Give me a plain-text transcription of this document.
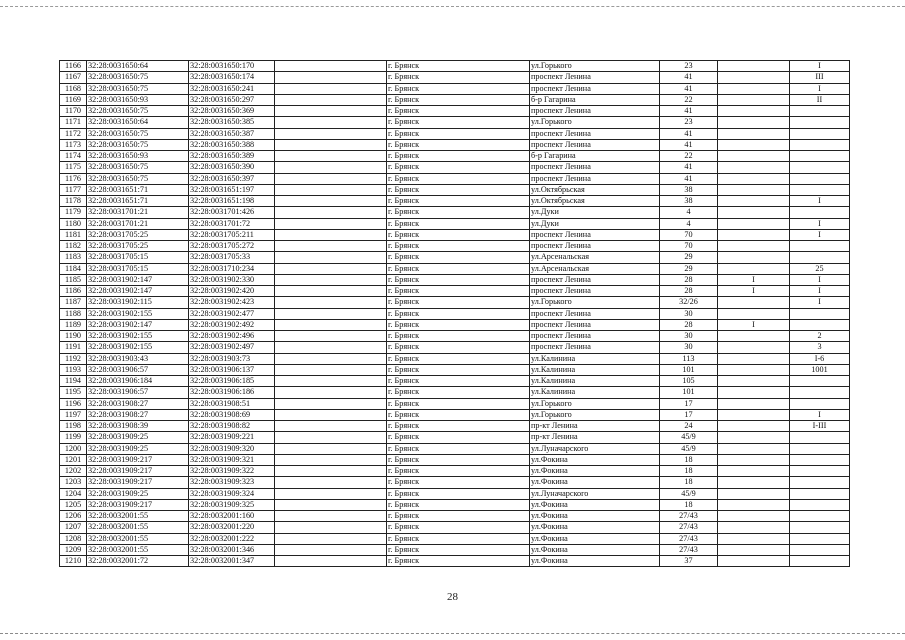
1166	32:28:0031650:64	32:28:0031650:170		г. Брянск	ул.Горького	23		I
1167	32:28:0031650:75	32:28:0031650:174		г. Брянск	проспект Ленина	41		III
1168	32:28:0031650:75	32:28:0031650:241		г. Брянск	проспект Ленина	41		I
1169	32:28:0031650:93	32:28:0031650:297		г. Брянск	б-р Гагарина	22		II
1170	32:28:0031650:75	32:28:0031650:369		г. Брянск	проспект Ленина	41		
1171	32:28:0031650:64	32:28:0031650:385		г. Брянск	ул.Горького	23		
1172	32:28:0031650:75	32:28:0031650:387		г. Брянск	проспект Ленина	41		
1173	32:28:0031650:75	32:28:0031650:388		г. Брянск	проспект Ленина	41		
1174	32:28:0031650:93	32:28:0031650:389		г. Брянск	б-р Гагарина	22		
1175	32:28:0031650:75	32:28:0031650:390		г. Брянск	проспект Ленина	41		
1176	32:28:0031650:75	32:28:0031650:397		г. Брянск	проспект Ленина	41		
1177	32:28:0031651:71	32:28:0031651:197		г. Брянск	ул.Октябрьская	38		
1178	32:28:0031651:71	32:28:0031651:198		г. Брянск	ул.Октябрьская	38		I
1179	32:28:0031701:21	32:28:0031701:426		г. Брянск	ул.Дуки	4		
1180	32:28:0031701:21	32:28:0031701:72		г. Брянск	ул.Дуки	4		I
1181	32:28:0031705:25	32:28:0031705:211		г. Брянск	проспект Ленина	70		I
1182	32:28:0031705:25	32:28:0031705:272		г. Брянск	проспект Ленина	70		
1183	32:28:0031705:15	32:28:0031705:33		г. Брянск	ул.Арсенальская	29		
1184	32:28:0031705:15	32:28:0031710:234		г. Брянск	ул.Арсенальская	29		25
1185	32:28:0031902:147	32:28:0031902:330		г. Брянск	проспект Ленина	28	I	I
1186	32:28:0031902:147	32:28:0031902:420		г. Брянск	проспект Ленина	28	I	I
1187	32:28:0031902:115	32:28:0031902:423		г. Брянск	ул.Горького	32/26		I
1188	32:28:0031902:155	32:28:0031902:477		г. Брянск	проспект Ленина	30		
1189	32:28:0031902:147	32:28:0031902:492		г. Брянск	проспект Ленина	28	I	
1190	32:28:0031902:155	32:28:0031902:496		г. Брянск	проспект Ленина	30		2
1191	32:28:0031902:155	32:28:0031902:497		г. Брянск	проспект Ленина	30		3
1192	32:28:0031903:43	32:28:0031903:73		г. Брянск	ул.Калинина	113		I-6
1193	32:28:0031906:57	32:28:0031906:137		г. Брянск	ул.Калинина	101		1001
1194	32:28:0031906:184	32:28:0031906:185		г. Брянск	ул.Калинина	105		
1195	32:28:0031906:57	32:28:0031906:186		г. Брянск	ул.Калинина	101		
1196	32:28:0031908:27	32:28:0031908:51		г. Брянск	ул.Горького	17		
1197	32:28:0031908:27	32:28:0031908:69		г. Брянск	ул.Горького	17		I
1198	32:28:0031908:39	32:28:0031908:82		г. Брянск	пр-кт Ленина	24		I-III
1199	32:28:0031909:25	32:28:0031909:221		г. Брянск	пр-кт Ленина	45/9		
1200	32:28:0031909:25	32:28:0031909:320		г. Брянск	ул.Луначарского	45/9		
1201	32:28:0031909:217	32:28:0031909:321		г. Брянск	ул.Фокина	18		
1202	32:28:0031909:217	32:28:0031909:322		г. Брянск	ул.Фокина	18		
1203	32:28:0031909:217	32:28:0031909:323		г. Брянск	ул.Фокина	18		
1204	32:28:0031909:25	32:28:0031909:324		г. Брянск	ул.Луначарского	45/9		
1205	32:28:0031909:217	32:28:0031909:325		г. Брянск	ул.Фокина	18		
1206	32:28:0032001:55	32:28:0032001:160		г. Брянск	ул.Фокина	27/43		
1207	32:28:0032001:55	32:28:0032001:220		г. Брянск	ул.Фокина	27/43		
1208	32:28:0032001:55	32:28:0032001:222		г. Брянск	ул.Фокина	27/43		
1209	32:28:0032001:55	32:28:0032001:346		г. Брянск	ул.Фокина	27/43		
1210	32:28:0032001:72	32:28:0032001:347		г. Брянск	ул.Фокина	37		
28
